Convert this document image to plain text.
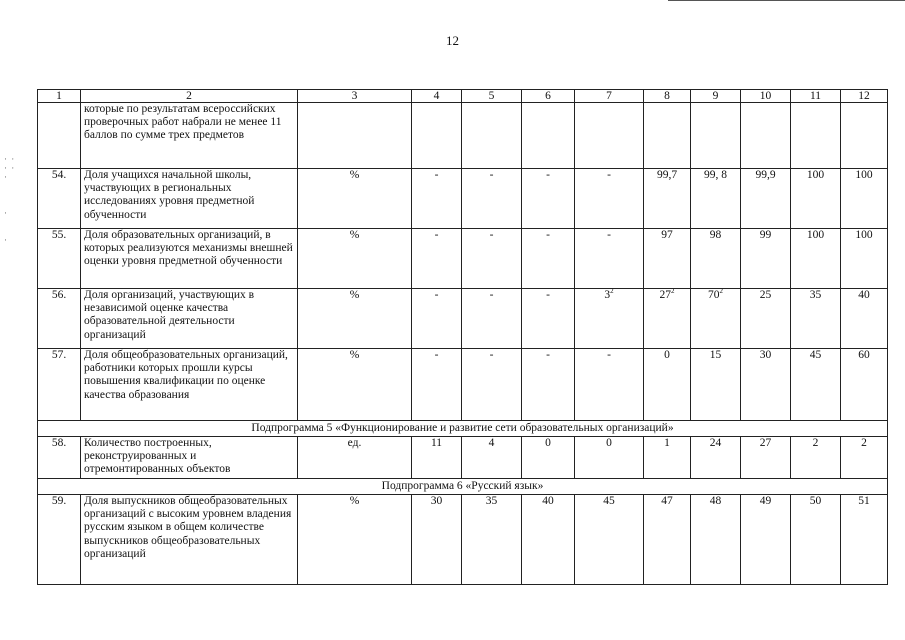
12
· ·
· ·
·

·

·
1	2	3	4	5	6	7	8	9	10	11	12
	которые по результатам всероссийских проверочных работ набрали не менее 11 баллов по сумме трех предметов										
54.	Доля учащихся начальной школы, участвующих в региональных исследованиях уровня предметной обученности	%	-	-	-	-	99,7	99, 8	99,9	100	100
55.	Доля образовательных организаций, в которых реализуются механизмы внешней оценки уровня предметной обученности	%	-	-	-	-	97	98	99	100	100
56.	Доля организаций, участвующих в независимой оценке качества образовательной деятельности организаций	%	-	-	-	$3^2$	$27^2$	$70^2$	25	35	40
57.	Доля общеобразовательных организаций, работники которых прошли курсы повышения квалификации по оценке качества образования	%	-	-	-	-	0	15	30	45	60
Подпрограмма 5 «Функционирование и развитие сети образовательных организаций»											
58.	Количество построенных, реконструированных и отремонтированных объектов	ед.	11	4	0	0	1	24	27	2	2
Подпрограмма 6 «Русский язык»											
59.	Доля выпускников общеобразовательных организаций с высоким уровнем владения русским языком в общем количестве выпускников общеобразовательных организаций	%	30	35	40	45	47	48	49	50	51
